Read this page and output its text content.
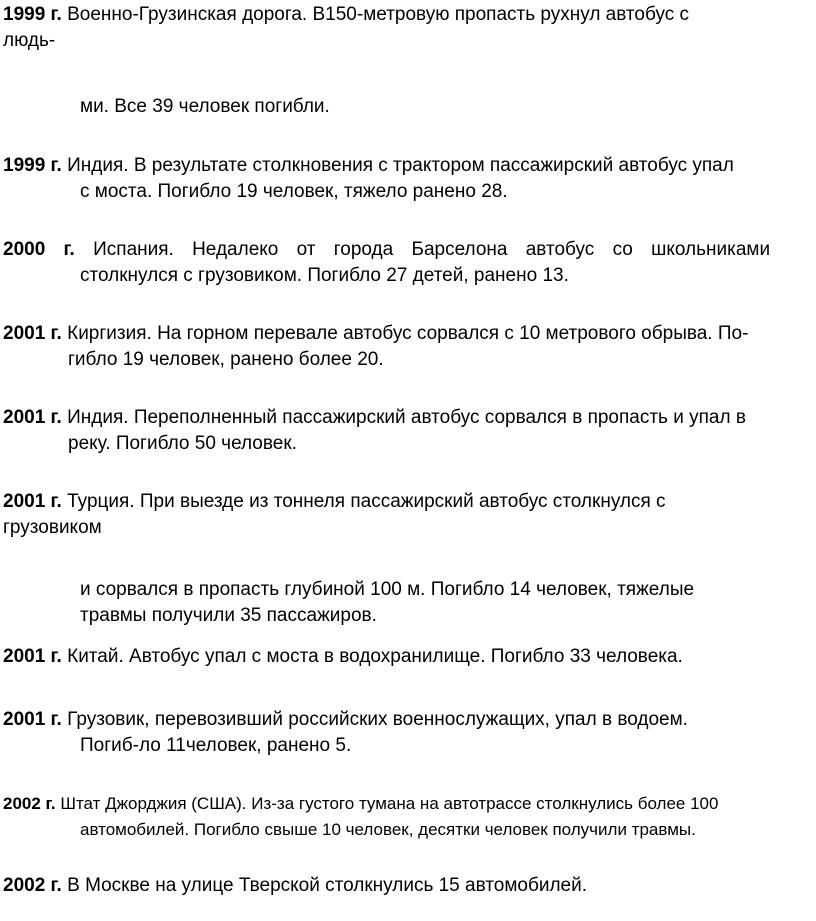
1999 г. Военно-Грузинская дорога. В150-метровую пропасть рухнул автобус с
людь-
ми. Все 39 человек погибли.
1999 г. Индия. В результате столкновения с трактором пассажирский автобус упал
с моста. Погибло 19 человек, тяжело ранено 28.
2000 г. Испания. Недалеко от города Барселона автобус со школьниками
столкнулся с грузовиком. Погибло 27 детей, ранено 13.
2001 г. Киргизия. На горном перевале автобус сорвался с 10 метрового обрыва. По-
гибло 19 человек, ранено более 20.
2001 г. Индия. Переполненный пассажирский автобус сорвался в пропасть и упал в
реку. Погибло 50 человек.
2001 г. Турция. При выезде из тоннеля пассажирский автобус столкнулся с
грузовиком
и сорвался в пропасть глубиной 100 м. Погибло 14 человек, тяжелые
травмы получили 35 пассажиров.
2001 г. Китай. Автобус упал с моста в водохранилище. Погибло 33 человека.
2001 г. Грузовик, перевозивший российских военнослужащих, упал в водоем.
Погиб-ло 11человек, ранено 5.
2002 г. Штат Джорджия (США). Из-за густого тумана на автотрассе столкнулись более 100
автомобилей. Погибло свыше 10 человек, десятки человек получили травмы.
2002 г. В Москве на улице Тверской столкнулись 15 автомобилей.
